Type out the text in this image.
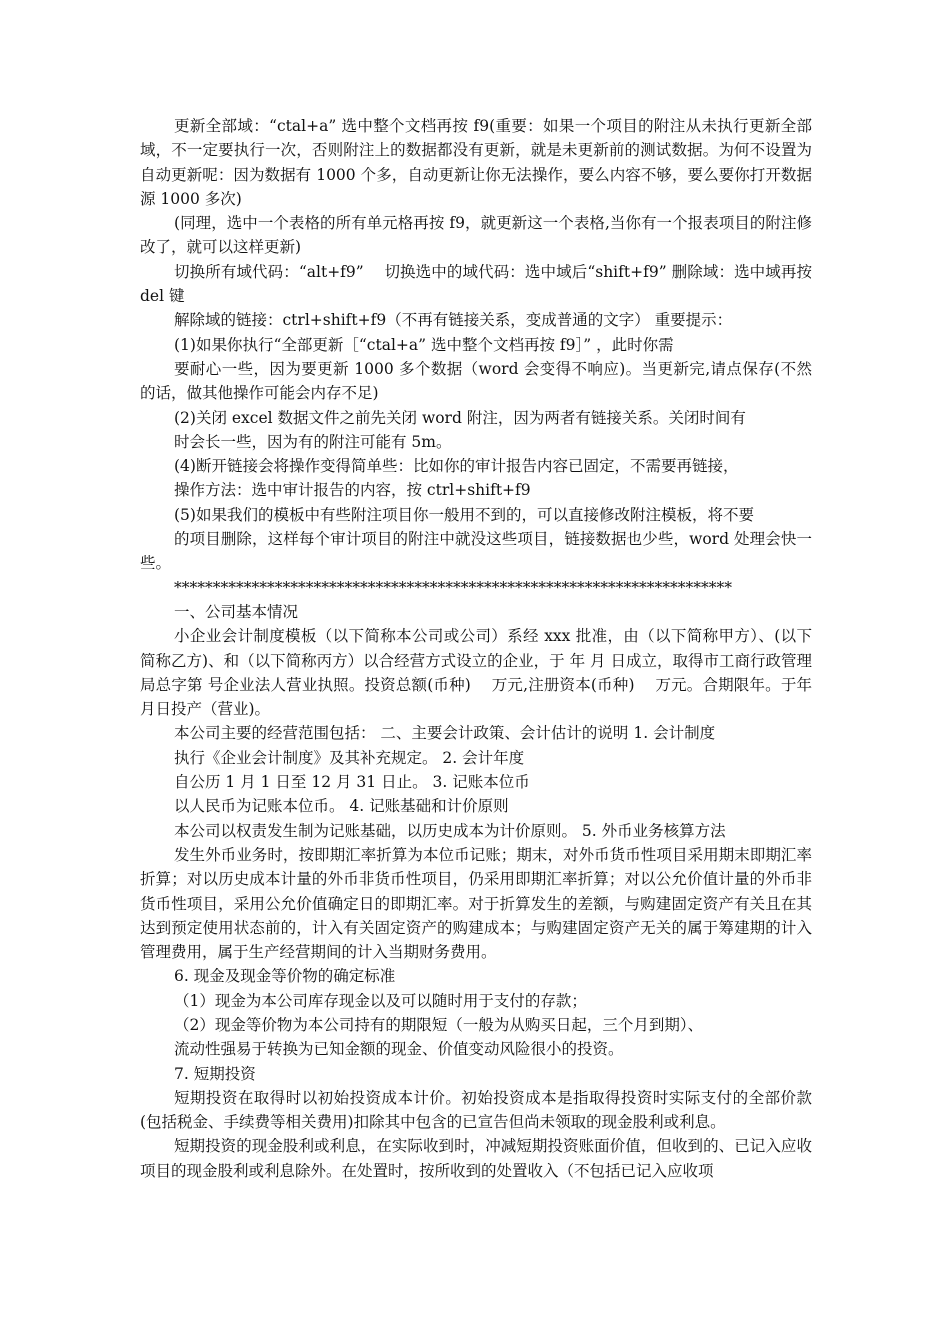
更新全部域：“ctal+a” 选中整个文档再按 f9(重要：如果一个项目的附注从未执行更新全部域，不一定要执行一次，否则附注上的数据都没有更新，就是未更新前的测试数据。为何不设置为自动更新呢：因为数据有 1000 个多，自动更新让你无法操作，要么内容不够，要么要你打开数据源 1000 多次)

(同理，选中一个表格的所有单元格再按 f9，就更新这一个表格,当你有一个报表项目的附注修改了，就可以这样更新)

切换所有域代码：“alt+f9”　 切换选中的域代码：选中域后“shift+f9” 删除域：选中域再按 del 键

解除域的链接：ctrl+shift+f9（不再有链接关系，变成普通的文字） 重要提示：

(1)如果你执行“全部更新［“ctal+a” 选中整个文档再按 f9］” ，此时你需

要耐心一些，因为要更新 1000 多个数据（word 会变得不响应)。当更新完,请点保存(不然的话，做其他操作可能会内存不足)

(2)关闭 excel 数据文件之前先关闭 word 附注，因为两者有链接关系。关闭时间有

时会长一些，因为有的附注可能有 5m。

(4)断开链接会将操作变得简单些：比如你的审计报告内容已固定，不需要再链接，

操作方法：选中审计报告的内容，按 ctrl+shift+f9

(5)如果我们的模板中有些附注项目你一般用不到的，可以直接修改附注模板，将不要

的项目删除，这样每个审计项目的附注中就没这些项目，链接数据也少些，word 处理会快一些。

************************************************************************

一、公司基本情况

小企业会计制度模板（以下简称本公司或公司）系经 xxx 批准，由（以下简称甲方）、(以下简称乙方)、和（以下简称丙方）以合经营方式设立的企业，于 年 月 日成立，取得市工商行政管理局总字第 号企业法人营业执照。投资总额(币种)　 万元,注册资本(币种)　 万元。合期限年。于年月日投产（营业)。

本公司主要的经营范围包括： 二、主要会计政策、会计估计的说明 1. 会计制度

执行《企业会计制度》及其补充规定。 2. 会计年度

自公历 1 月 1 日至 12 月 31 日止。 3. 记账本位币

以人民币为记账本位币。 4. 记账基础和计价原则

本公司以权责发生制为记账基础，以历史成本为计价原则。 5. 外币业务核算方法

发生外币业务时，按即期汇率折算为本位币记账；期末，对外币货币性项目采用期末即期汇率折算；对以历史成本计量的外币非货币性项目，仍采用即期汇率折算；对以公允价值计量的外币非货币性项目，采用公允价值确定日的即期汇率。对于折算发生的差额，与购建固定资产有关且在其达到预定使用状态前的，计入有关固定资产的购建成本；与购建固定资产无关的属于筹建期的计入管理费用，属于生产经营期间的计入当期财务费用。

6. 现金及现金等价物的确定标准

（1）现金为本公司库存现金以及可以随时用于支付的存款；

（2）现金等价物为本公司持有的期限短（一般为从购买日起，三个月到期）、

流动性强易于转换为已知金额的现金、价值变动风险很小的投资。

7. 短期投资

短期投资在取得时以初始投资成本计价。初始投资成本是指取得投资时实际支付的全部价款(包括税金、手续费等相关费用)扣除其中包含的已宣告但尚未领取的现金股利或利息。

短期投资的现金股利或利息，在实际收到时，冲减短期投资账面价值，但收到的、已记入应收项目的现金股利或利息除外。在处置时，按所收到的处置收入（不包括已记入应收项
